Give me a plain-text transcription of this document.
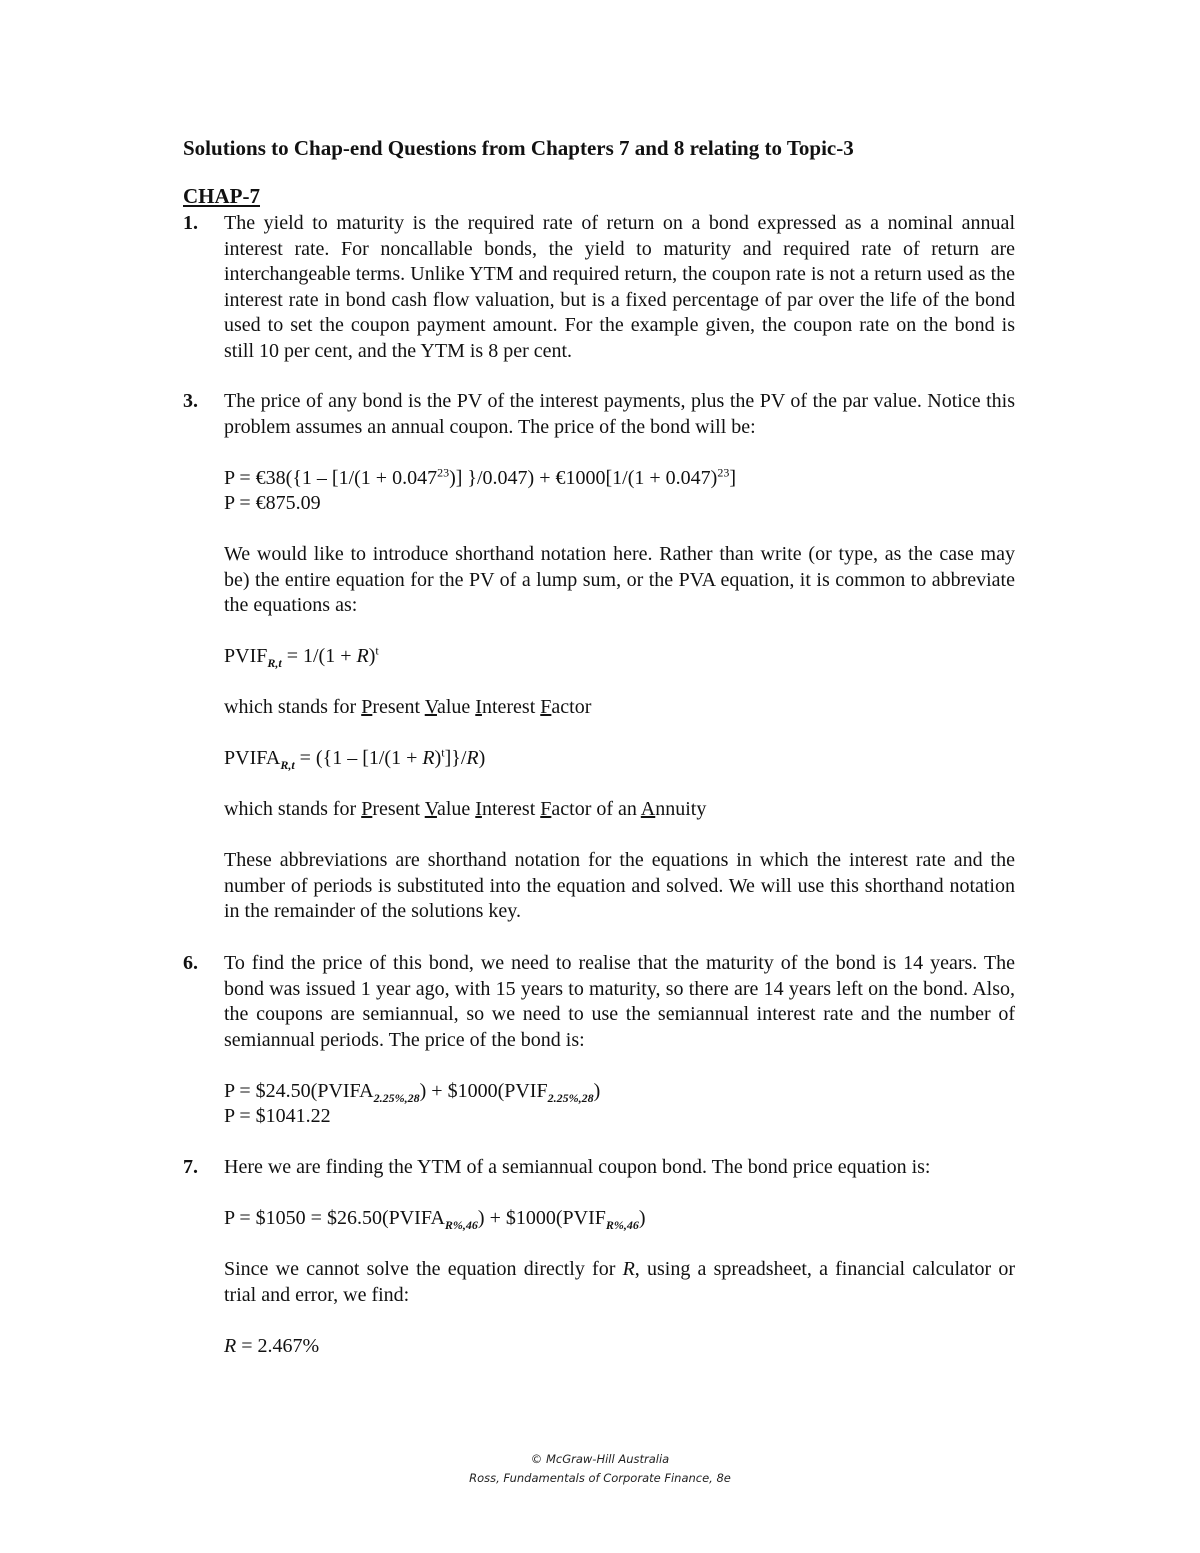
Solutions to Chap-end Questions from Chapters 7 and 8 relating to Topic-3
CHAP-7
1. The yield to maturity is the required rate of return on a bond expressed as a nominal annual interest rate. For noncallable bonds, the yield to maturity and required rate of return are interchangeable terms. Unlike YTM and required return, the coupon rate is not a return used as the interest rate in bond cash flow valuation, but is a fixed percentage of par over the life of the bond used to set the coupon payment amount. For the example given, the coupon rate on the bond is still 10 per cent, and the YTM is 8 per cent.

3. The price of any bond is the PV of the interest payments, plus the PV of the par value. Notice this problem assumes an annual coupon. The price of the bond will be:

P = €38({1 – $[1/(1 + 0.047^{23})]$ }/0.047) + €1000[1/(1 + 0.047)$^{23}$]

P = €875.09

We would like to introduce shorthand notation here. Rather than write (or type, as the case may be) the entire equation for the PV of a lump sum, or the PVA equation, it is common to abbreviate the equations as:

$PVIF_{R,t} = 1/(1 + R)^t$

which stands for Present Value Interest Factor

$PVIFA_{R,t} = (\{1 - [1/(1 + R)^t]\}/R)$

which stands for Present Value Interest Factor of an Annuity

These abbreviations are shorthand notation for the equations in which the interest rate and the number of periods is substituted into the equation and solved. We will use this shorthand notation in the remainder of the solutions key.

6. To find the price of this bond, we need to realise that the maturity of the bond is 14 years. The bond was issued 1 year ago, with 15 years to maturity, so there are 14 years left on the bond. Also, the coupons are semiannual, so we need to use the semiannual interest rate and the number of semiannual periods. The price of the bond is:

$P = \$24.50(PVIFA_{2.25\%,28})$ + $\$1000(PVIF_{2.25\%,28})$

P = $1041.22

7. Here we are finding the YTM of a semiannual coupon bond. The bond price equation is:

P = $1050 = $\$26.50(PVIFA_{R\%,46})$ + $\$1000(PVIF_{R\%,46})$

Since we cannot solve the equation directly for R, using a spreadsheet, a financial calculator or trial and error, we find:

R = 2.467%

© McGraw-Hill Australia
Ross, Fundamentals of Corporate Finance, 8e
